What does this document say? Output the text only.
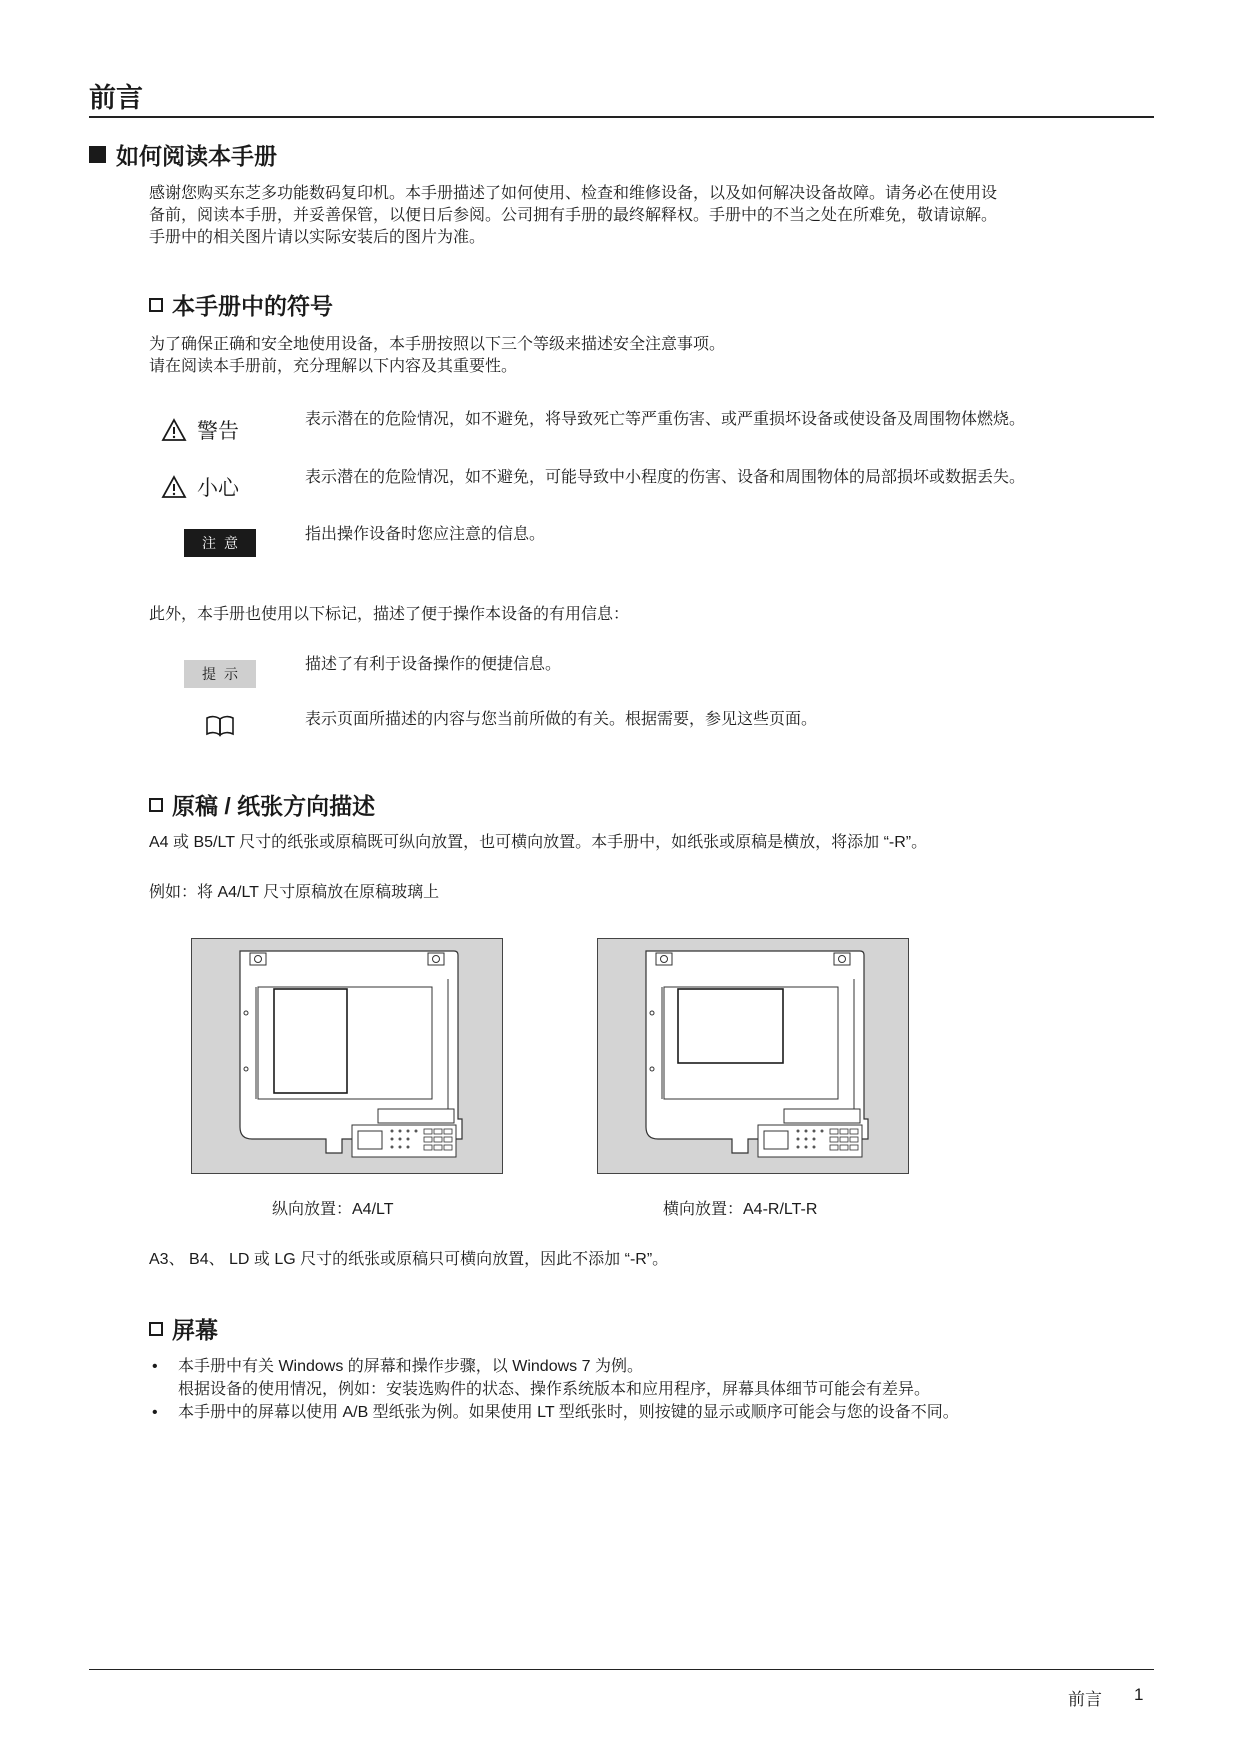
前言
如何阅读本手册

感谢您购买东芝多功能数码复印机。本手册描述了如何使用、检查和维修设备，以及如何解决设备故障。请务必在使用设

备前，阅读本手册，并妥善保管，以便日后参阅。公司拥有手册的最终解释权。手册中的不当之处在所难免，敬请谅解。

手册中的相关图片请以实际安装后的图片为准。

本手册中的符号

为了确保正确和安全地使用设备，本手册按照以下三个等级来描述安全注意事项。

请在阅读本手册前，充分理解以下内容及其重要性。

警告
表示潜在的危险情况，如不避免，将导致死亡等严重伤害、或严重损坏设备或使设备及周围物体燃烧。
小心
表示潜在的危险情况，如不避免，可能导致中小程度的伤害、设备和周围物体的局部损坏或数据丢失。
注意	指出操作设备时您应注意的信息。
此外，本手册也使用以下标记，描述了便于操作本设备的有用信息：
提示
描述了有利于设备操作的便捷信息。
表示页面所描述的内容与您当前所做的有关。根据需要，参见这些页面。
原稿 / 纸张方向描述
A4 或 B5/LT 尺寸的纸张或原稿既可纵向放置，也可横向放置。本手册中，如纸张或原稿是横放，将添加 “-R”。
例如：将 A4/LT 尺寸原稿放在原稿玻璃上
纵向放置：A4/LT	横向放置：A4-R/LT-R
A3、 B4、 LD 或 LG 尺寸的纸张或原稿只可横向放置，因此不添加 “-R”。
屏幕
•	本手册中有关 Windows 的屏幕和操作步骤，以 Windows 7 为例。
根据设备的使用情况，例如：安装选购件的状态、操作系统版本和应用程序，屏幕具体细节可能会有差异。
•	本手册中的屏幕以使用 A/B 型纸张为例。如果使用 LT 型纸张时，则按键的显示或顺序可能会与您的设备不同。
前言 1
